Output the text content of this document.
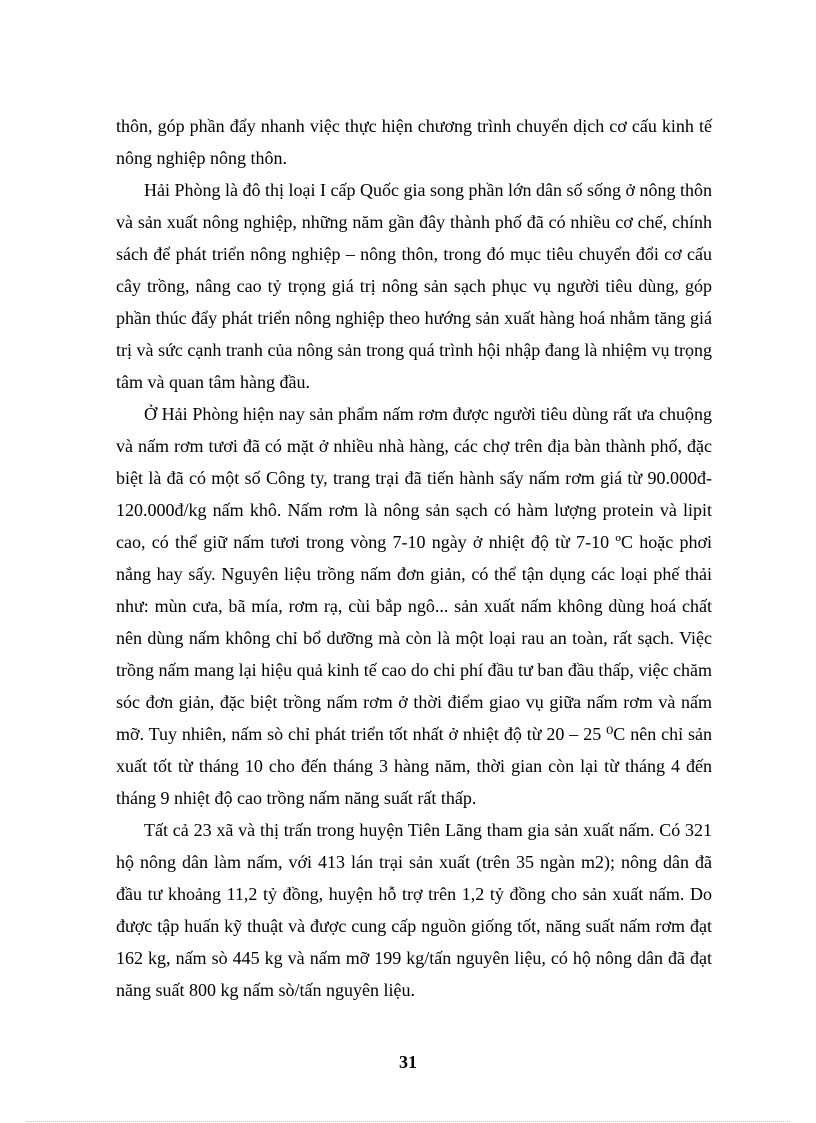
thôn, góp phần đẩy nhanh việc thực hiện chương trình chuyển dịch cơ cấu kinh tế nông nghiệp nông thôn.

Hải Phòng là đô thị loại I cấp Quốc gia song phần lớn dân số sống ở nông thôn và sản xuất nông nghiệp, những năm gần đây thành phố đã có nhiều cơ chế, chính sách để phát triển nông nghiệp – nông thôn, trong đó mục tiêu chuyển đổi cơ cấu cây trồng, nâng cao tỷ trọng giá trị nông sản sạch phục vụ người tiêu dùng, góp phần thúc đẩy phát triển nông nghiệp theo hướng sản xuất hàng hoá nhằm tăng giá trị và sức cạnh tranh của nông sản trong quá trình hội nhập đang là nhiệm vụ trọng tâm và quan tâm hàng đầu.

Ở Hải Phòng hiện nay sản phẩm nấm rơm được người tiêu dùng rất ưa chuộng và nấm rơm tươi đã có mặt ở nhiều nhà hàng, các chợ trên địa bàn thành phố, đặc biệt là đã có một số Công ty, trang trại đã tiến hành sấy nấm rơm giá từ 90.000đ- 120.000đ/kg nấm khô. Nấm rơm là nông sản sạch có hàm lượng protein và lipit cao, có thể giữ nấm tươi trong vòng 7-10 ngày ở nhiệt độ từ 7-10 ºC hoặc phơi nắng hay sấy. Nguyên liệu trồng nấm đơn giản, có thể tận dụng các loại phế thải như: mùn cưa, bã mía, rơm rạ, cùi bắp ngô... sản xuất nấm không dùng hoá chất nên dùng nấm không chỉ bổ dưỡng mà còn là một loại rau an toàn, rất sạch. Việc trồng nấm mang lại hiệu quả kinh tế cao do chi phí đầu tư ban đầu thấp, việc chăm sóc đơn giản, đặc biệt trồng nấm rơm ở thời điểm giao vụ giữa nấm rơm và nấm mỡ. Tuy nhiên, nấm sò chỉ phát triển tốt nhất ở nhiệt độ từ 20 – 25 ⁰C nên chỉ sản xuất tốt từ tháng 10 cho đến tháng 3 hàng năm, thời gian còn lại từ tháng 4 đến tháng 9 nhiệt độ cao trồng nấm năng suất rất thấp.

Tất cả 23 xã và thị trấn trong huyện Tiên Lãng tham gia sản xuất nấm. Có 321 hộ nông dân làm nấm, với 413 lán trại sản xuất (trên 35 ngàn m2); nông dân đã đầu tư khoảng 11,2 tỷ đồng, huyện hỗ trợ trên 1,2 tỷ đồng cho sản xuất nấm. Do được tập huấn kỹ thuật và được cung cấp nguồn giống tốt, năng suất nấm rơm đạt 162 kg, nấm sò 445 kg và nấm mỡ 199 kg/tấn nguyên liệu, có hộ nông dân đã đạt năng suất 800 kg nấm sò/tấn nguyên liệu.

31
